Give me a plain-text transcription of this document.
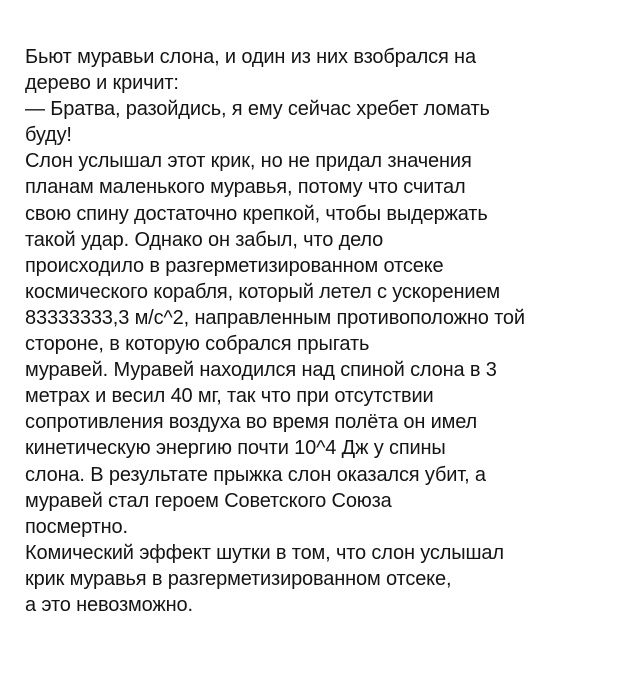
Бьют муравьи слона, и один из них взобрался на
дерево и кричит:
— Братва, разойдись, я ему сейчас хребет ломать
буду!
Слон услышал этот крик, но не придал значения
планам маленького муравья, потому что считал
свою спину достаточно крепкой, чтобы выдержать
такой удар. Однако он забыл, что дело
происходило в разгерметизированном отсеке
космического корабля, который летел с ускорением
83333333,3 м/с^2, направленным противоположно той
стороне, в которую собрался прыгать
муравей. Муравей находился над спиной слона в 3
метрах и весил 40 мг, так что при отсутствии
сопротивления воздуха во время полёта он имел
кинетическую энергию почти 10^4 Дж у спины
слона. В результате прыжка слон оказался убит, а
муравей стал героем Советского Союза
посмертно.
Комический эффект шутки в том, что слон услышал
крик муравья в разгерметизированном отсеке,
а это невозможно.
